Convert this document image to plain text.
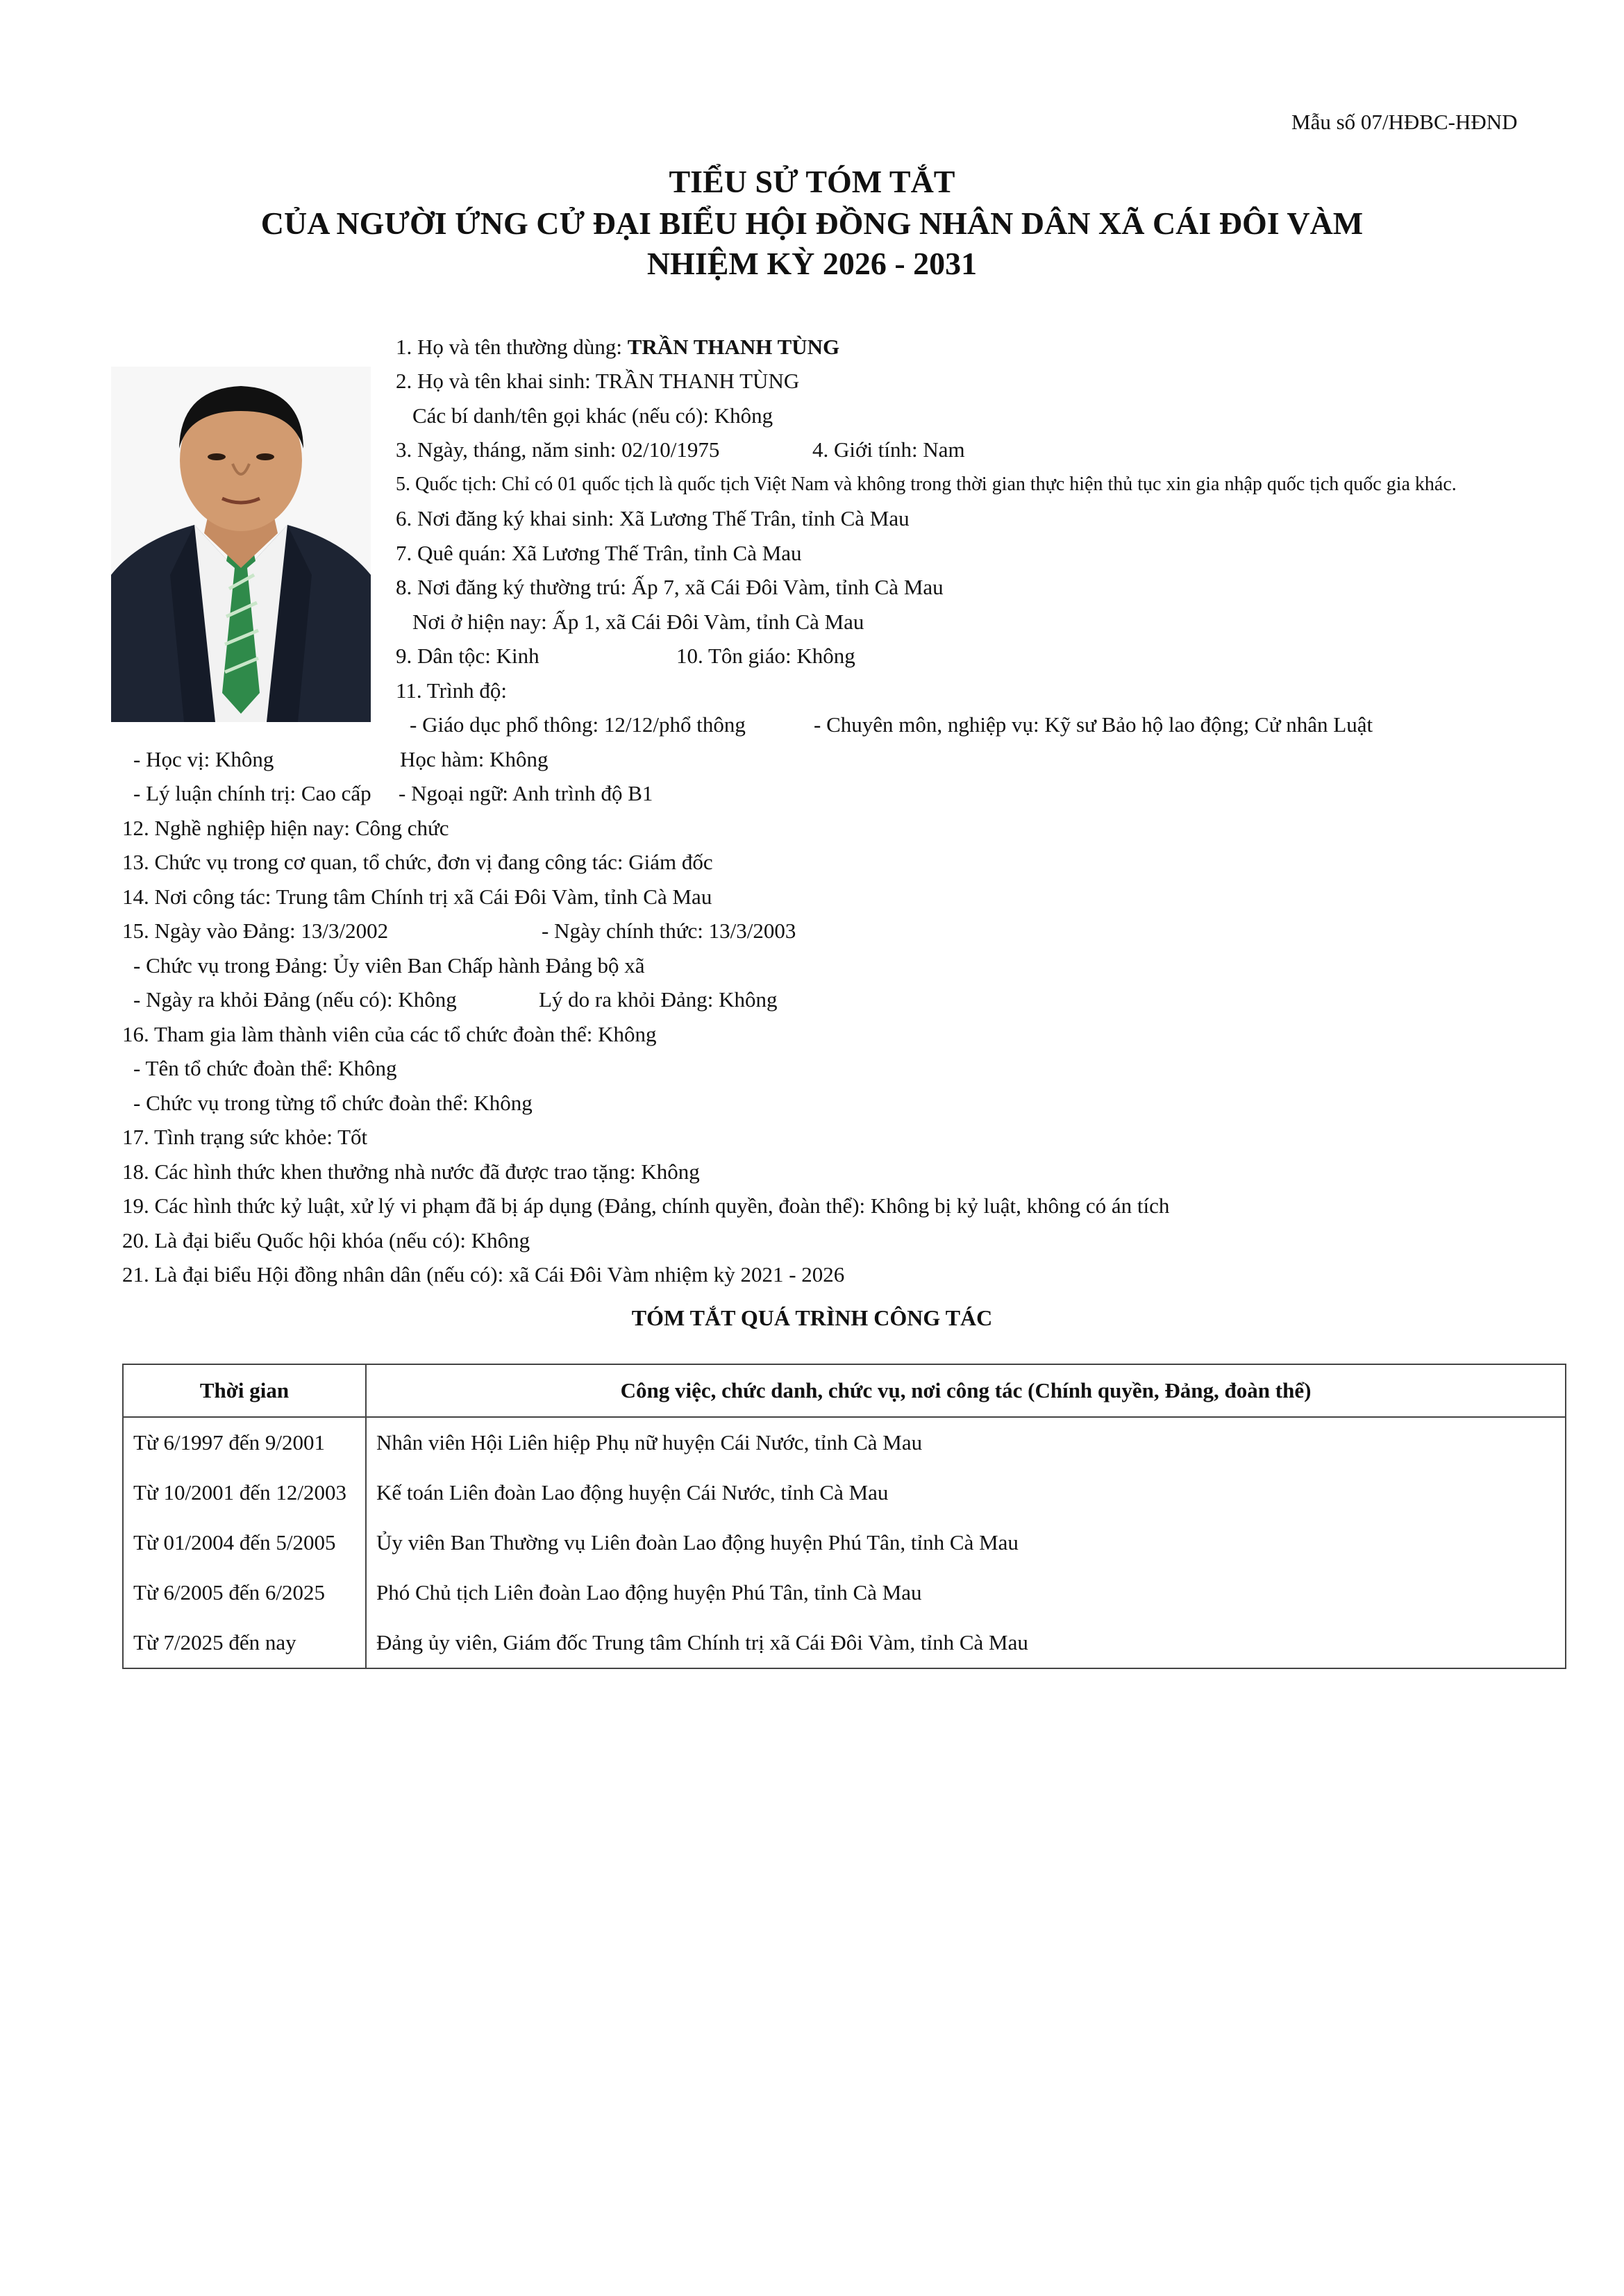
Mẫu số 07/HĐBC-HĐND
TIỂU SỬ TÓM TẮT
CỦA NGƯỜI ỨNG CỬ ĐẠI BIỂU HỘI ĐỒNG NHÂN DÂN XÃ CÁI ĐÔI VÀM
NHIỆM KỲ 2026 - 2031
1. Họ và tên thường dùng: TRẦN THANH TÙNG
2. Họ và tên khai sinh: TRẦN THANH TÙNG
Các bí danh/tên gọi khác (nếu có): Không
3. Ngày, tháng, năm sinh: 02/10/1975	4. Giới tính: Nam
5. Quốc tịch: Chỉ có 01 quốc tịch là quốc tịch Việt Nam và không trong thời gian thực hiện thủ tục xin gia nhập quốc tịch quốc gia khác.
6. Nơi đăng ký khai sinh: Xã Lương Thế Trân, tỉnh Cà Mau
7. Quê quán: Xã Lương Thế Trân, tỉnh Cà Mau
8. Nơi đăng ký thường trú: Ấp 7, xã Cái Đôi Vàm, tỉnh Cà Mau
Nơi ở hiện nay: Ấp 1, xã Cái Đôi Vàm, tỉnh Cà Mau
9. Dân tộc: Kinh	10. Tôn giáo: Không
11. Trình độ:
- Giáo dục phổ thông: 12/12/phổ thông	- Chuyên môn, nghiệp vụ: Kỹ sư Bảo hộ lao động; Cử nhân Luật
- Học vị: Không	Học hàm: Không
- Lý luận chính trị: Cao cấp - Ngoại ngữ: Anh trình độ B1
12. Nghề nghiệp hiện nay: Công chức
13. Chức vụ trong cơ quan, tổ chức, đơn vị đang công tác: Giám đốc
14. Nơi công tác: Trung tâm Chính trị xã Cái Đôi Vàm, tỉnh Cà Mau
15. Ngày vào Đảng: 13/3/2002	- Ngày chính thức: 13/3/2003
- Chức vụ trong Đảng: Ủy viên Ban Chấp hành Đảng bộ xã
- Ngày ra khỏi Đảng (nếu có): Không	Lý do ra khỏi Đảng: Không
16. Tham gia làm thành viên của các tổ chức đoàn thể: Không
- Tên tổ chức đoàn thể: Không
- Chức vụ trong từng tổ chức đoàn thể: Không
17. Tình trạng sức khỏe: Tốt
18. Các hình thức khen thưởng nhà nước đã được trao tặng: Không
19. Các hình thức kỷ luật, xử lý vi phạm đã bị áp dụng (Đảng, chính quyền, đoàn thể): Không bị kỷ luật, không có án tích
20. Là đại biểu Quốc hội khóa (nếu có): Không
21. Là đại biểu Hội đồng nhân dân (nếu có): xã Cái Đôi Vàm nhiệm kỳ 2021 - 2026
TÓM TẮT QUÁ TRÌNH CÔNG TÁC
Thời gian	Công việc, chức danh, chức vụ, nơi công tác (Chính quyền, Đảng, đoàn thể)
Từ 6/1997 đến 9/2001	Nhân viên Hội Liên hiệp Phụ nữ huyện Cái Nước, tỉnh Cà Mau
Từ 10/2001 đến 12/2003	Kế toán Liên đoàn Lao động huyện Cái Nước, tỉnh Cà Mau
Từ 01/2004 đến 5/2005	Ủy viên Ban Thường vụ Liên đoàn Lao động huyện Phú Tân, tỉnh Cà Mau
Từ 6/2005 đến 6/2025	Phó Chủ tịch Liên đoàn Lao động huyện Phú Tân, tỉnh Cà Mau
Từ 7/2025 đến nay	Đảng ủy viên, Giám đốc Trung tâm Chính trị xã Cái Đôi Vàm, tỉnh Cà Mau
